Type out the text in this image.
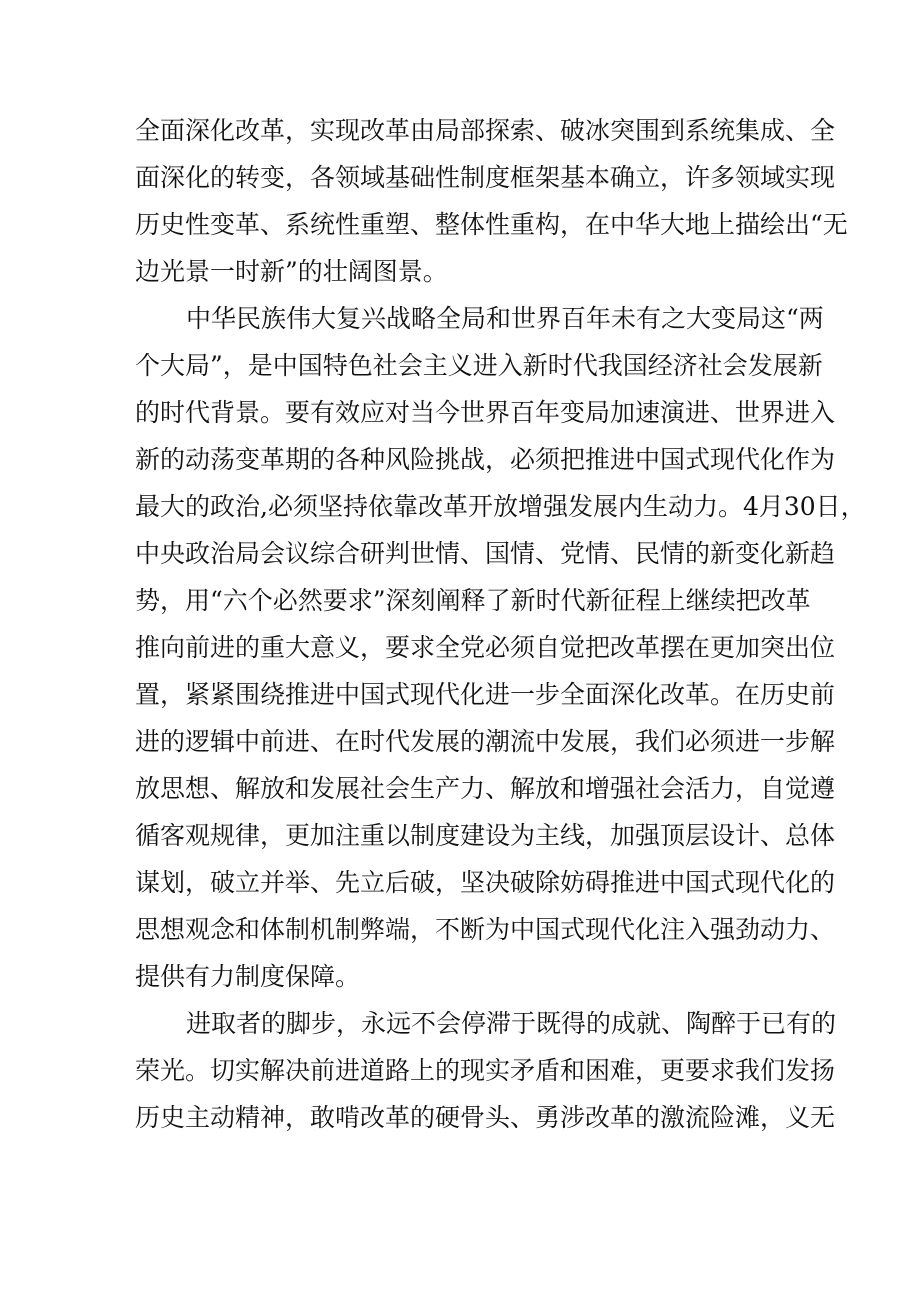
全面深化改革，实现改革由局部探索、破冰突围到系统集成、全
面深化的转变，各领域基础性制度框架基本确立，许多领域实现
历史性变革、系统性重塑、整体性重构，在中华大地上描绘出“无
边光景一时新”的壮阔图景。
中华民族伟大复兴战略全局和世界百年未有之大变局这“两
个大局”，是中国特色社会主义进入新时代我国经济社会发展新
的时代背景。要有效应对当今世界百年变局加速演进、世界进入
新的动荡变革期的各种风险挑战，必须把推进中国式现代化作为
最大的政治,必须坚持依靠改革开放增强发展内生动力。4月30日，
中央政治局会议综合研判世情、国情、党情、民情的新变化新趋
势，用“六个必然要求”深刻阐释了新时代新征程上继续把改革
推向前进的重大意义，要求全党必须自觉把改革摆在更加突出位
置，紧紧围绕推进中国式现代化进一步全面深化改革。在历史前
进的逻辑中前进、在时代发展的潮流中发展，我们必须进一步解
放思想、解放和发展社会生产力、解放和增强社会活力，自觉遵
循客观规律，更加注重以制度建设为主线，加强顶层设计、总体
谋划，破立并举、先立后破，坚决破除妨碍推进中国式现代化的
思想观念和体制机制弊端，不断为中国式现代化注入强劲动力、
提供有力制度保障。
进取者的脚步，永远不会停滞于既得的成就、陶醉于已有的
荣光。切实解决前进道路上的现实矛盾和困难，更要求我们发扬
历史主动精神，敢啃改革的硬骨头、勇涉改革的激流险滩，义无
